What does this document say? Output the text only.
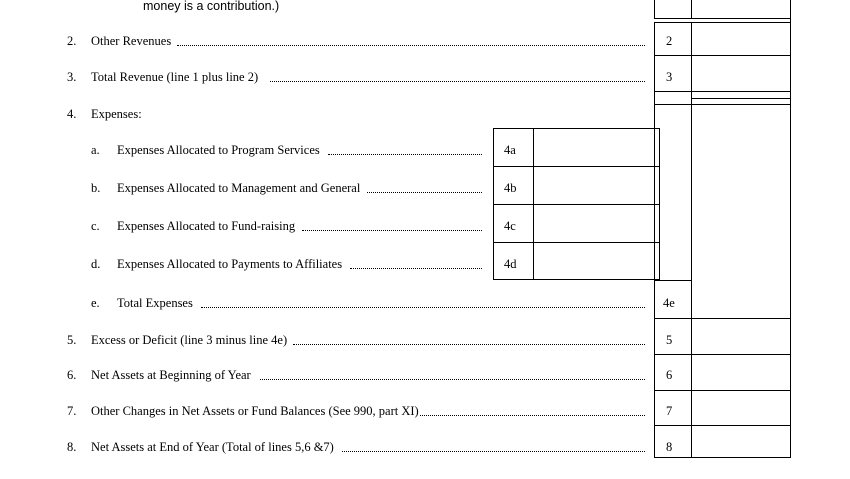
money is a contribution.)
2. Other Revenues	2
3. Total Revenue (line 1 plus line 2)	3
4. Expenses:
a. Expenses Allocated to Program Services	4a
b. Expenses Allocated to Management and General	4b
c. Expenses Allocated to Fund-raising	4c
d. Expenses Allocated to Payments to Affiliates	4d
e. Total Expenses	4e
5. Excess or Deficit (line 3 minus line 4e)	5
6. Net Assets at Beginning of Year	6
7. Other Changes in Net Assets or Fund Balances (See 990, part XI)	7
8. Net Assets at End of Year (Total of lines 5,6 &7)	8
